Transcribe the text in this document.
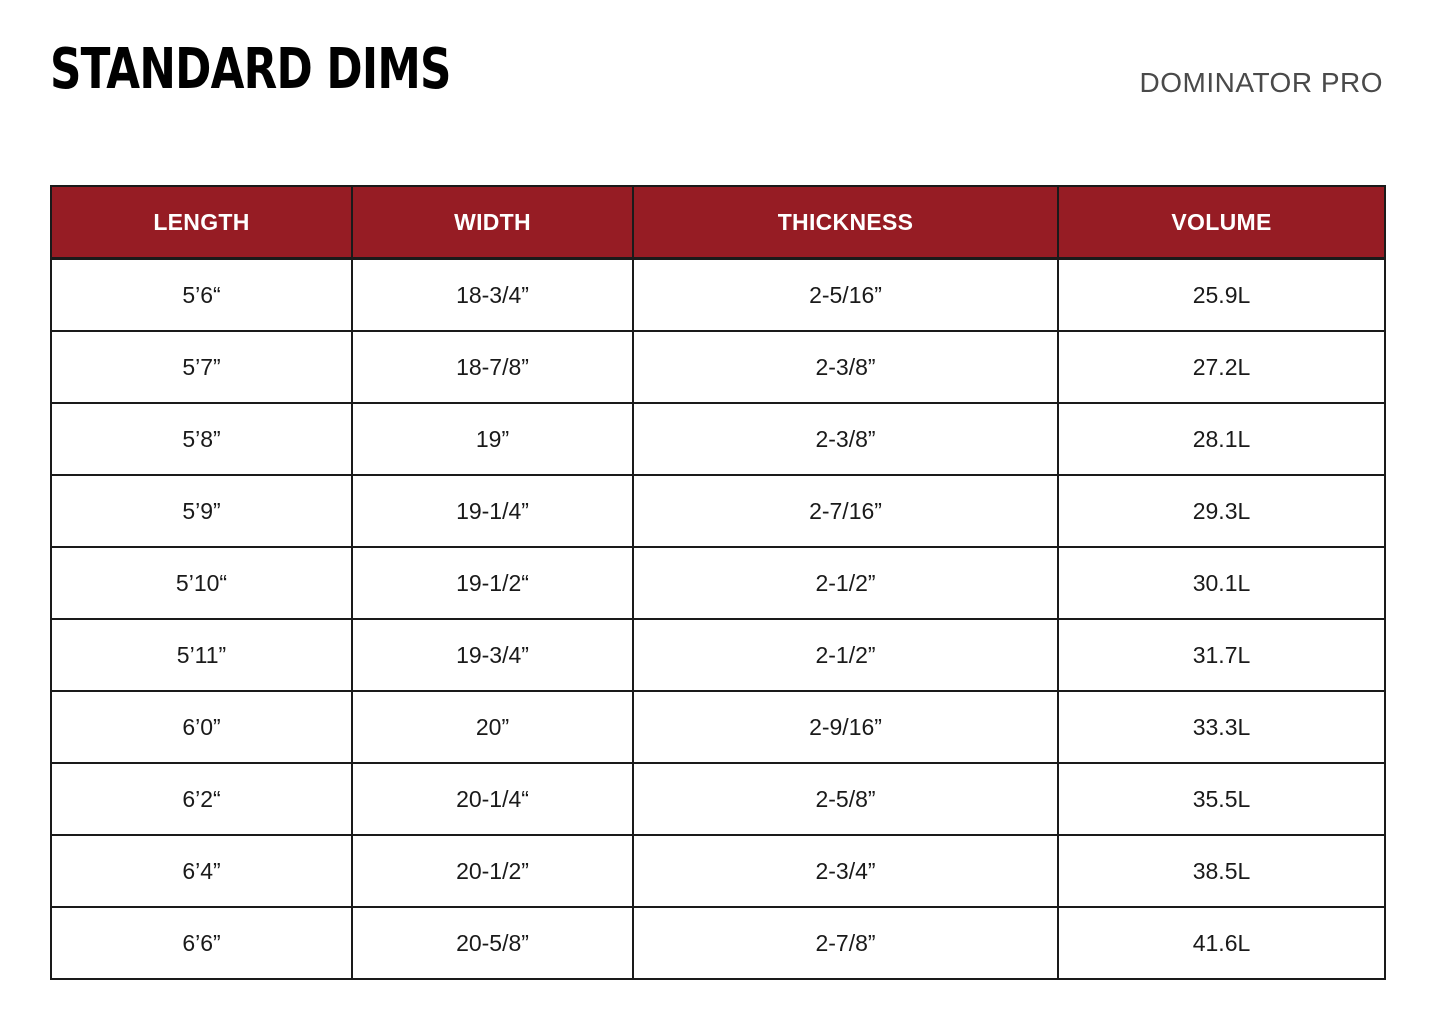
STANDARD DIMS	DOMINATOR PRO
LENGTH	WIDTH	THICKNESS	VOLUME
5’6“	18-3/4”	2-5/16”	25.9L
5’7”	18-7/8”	2-3/8”	27.2L
5’8”	19”	2-3/8”	28.1L
5’9”	19-1/4”	2-7/16”	29.3L
5’10“	19-1/2“	2-1/2”	30.1L
5’11”	19-3/4”	2-1/2”	31.7L
6’0”	20”	2-9/16”	33.3L
6’2“	20-1/4“	2-5/8”	35.5L
6’4”	20-1/2”	2-3/4”	38.5L
6’6”	20-5/8”	2-7/8”	41.6L
